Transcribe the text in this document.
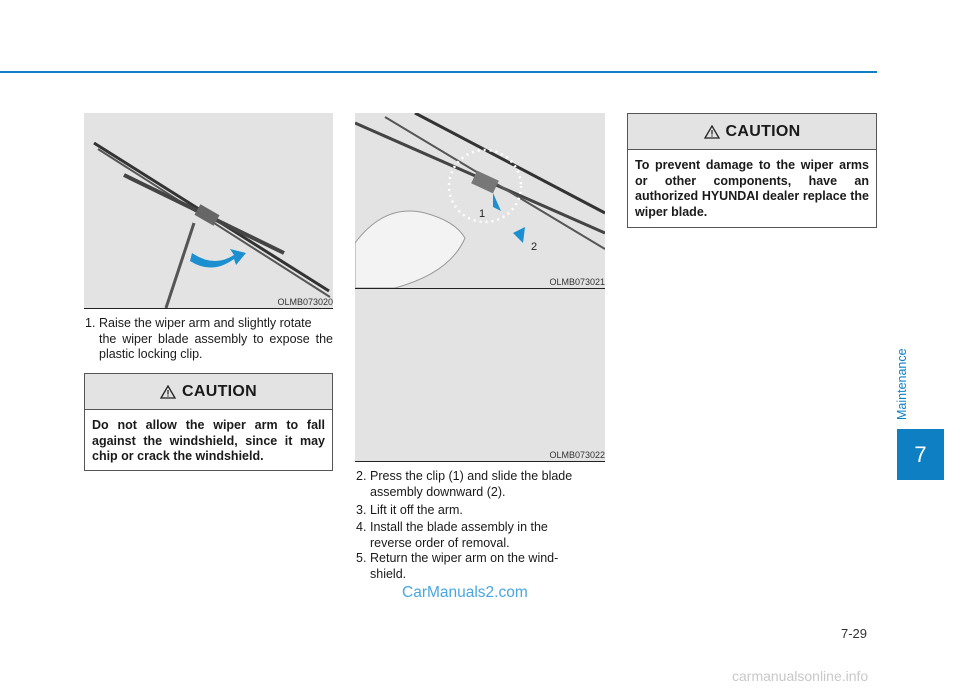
OLMB073020
1. Raise the wiper arm and slightly rotate
the wiper blade assembly to expose the plastic locking clip.
CAUTION
Do not allow the wiper arm to fall against the windshield, since it may chip or crack the windshield.
1
2
OLMB073021
OLMB073022
2. Press the clip (1) and slide the blade
assembly downward (2).
3. Lift it off the arm.
4. Install the blade assembly in the
reverse order of removal.
5. Return the wiper arm on the wind-
shield.
CAUTION
To prevent damage to the wiper arms or other components, have an authorized HYUNDAI dealer replace the wiper blade.
Maintenance
7
7-29
CarManuals2.com
carmanualsonline.info
